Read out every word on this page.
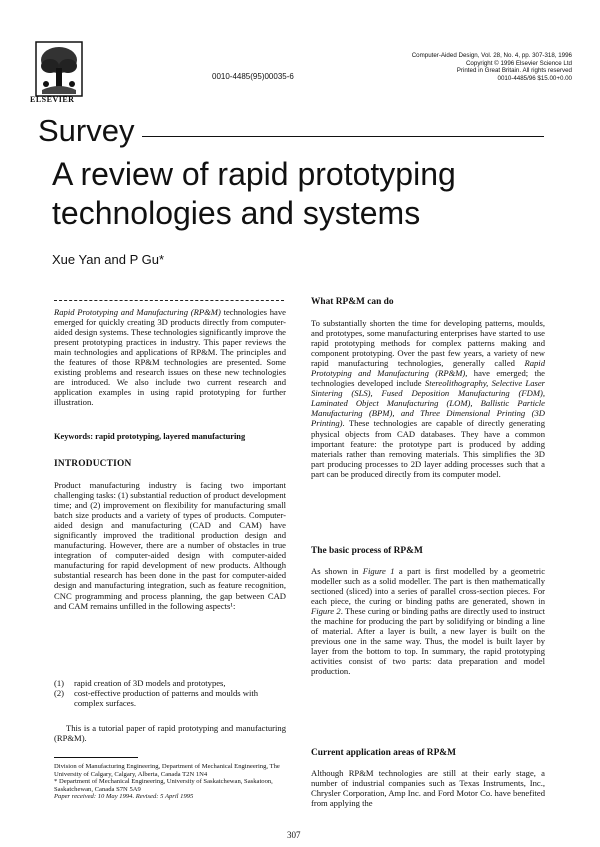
ELSEVIER
0010-4485(95)00035-6
Computer-Aided Design, Vol. 28, No. 4, pp. 307-318, 1996
Copyright © 1996 Elsevier Science Ltd
Printed in Great Britain. All rights reserved
0010-4485/96 $15.00+0.00
Survey
A review of rapid prototyping
technologies and systems
Xue Yan and P Gu*
Rapid Prototyping and Manufacturing (RP&M) technologies have emerged for quickly creating 3D products directly from computer-aided design systems. These technologies significantly improve the present prototyping practices in industry. This paper reviews the main technologies and applications of RP&M. The principles and the features of those RP&M technologies are presented. Some existing problems and research issues on these new technologies are introduced. We also include two current research and application examples in using rapid prototyping for further illustration.
Keywords: rapid prototyping, layered manufacturing
INTRODUCTION
Product manufacturing industry is facing two important challenging tasks: (1) substantial reduction of product development time; and (2) improvement on flexibility for manufacturing small batch size products and a variety of types of products. Computer-aided design and manufacturing (CAD and CAM) have significantly improved the traditional production design and manufacturing. However, there are a number of obstacles in true integration of computer-aided design with computer-aided manufacturing for rapid development of new products. Although substantial research has been done in the past for computer-aided design and manufacturing integration, such as feature recognition, CNC programming and process planning, the gap between CAD and CAM remains unfilled in the following aspects¹:
(1)	rapid creation of 3D models and prototypes,
(2)	cost-effective production of patterns and moulds with complex surfaces.
This is a tutorial paper of rapid prototyping and manufacturing (RP&M).
Division of Manufacturing Engineering, Department of Mechanical Engineering, The University of Calgary, Calgary, Alberta, Canada T2N 1N4
* Department of Mechanical Engineering, University of Saskatchewan, Saskatoon, Saskatchewan, Canada S7N 5A9
Paper received: 10 May 1994. Revised: 5 April 1995
What RP&M can do
To substantially shorten the time for developing patterns, moulds, and prototypes, some manufacturing enterprises have started to use rapid prototyping methods for complex patterns making and component prototyping. Over the past few years, a variety of new rapid manufacturing technologies, generally called Rapid Prototyping and Manufacturing (RP&M), have emerged; the technologies developed include Stereolithography, Selective Laser Sintering (SLS), Fused Deposition Manufacturing (FDM), Laminated Object Manufacturing (LOM), Ballistic Particle Manufacturing (BPM), and Three Dimensional Printing (3D Printing). These technologies are capable of directly generating physical objects from CAD databases. They have a common important feature: the prototype part is produced by adding materials rather than removing materials. This simplifies the 3D part producing processes to 2D layer adding processes such that a part can be produced directly from its computer model.
The basic process of RP&M
As shown in Figure 1 a part is first modelled by a geometric modeller such as a solid modeller. The part is then mathematically sectioned (sliced) into a series of parallel cross-section pieces. For each piece, the curing or binding paths are generated, shown in Figure 2. These curing or binding paths are directly used to instruct the machine for producing the part by solidifying or binding a line of material. After a layer is built, a new layer is built on the previous one in the same way. Thus, the model is built layer by layer from the bottom to top. In summary, the rapid prototyping activities consist of two parts: data preparation and model production.
Current application areas of RP&M
Although RP&M technologies are still at their early stage, a number of industrial companies such as Texas Instruments, Inc., Chrysler Corporation, Amp Inc. and Ford Motor Co. have benefited from applying the
307
